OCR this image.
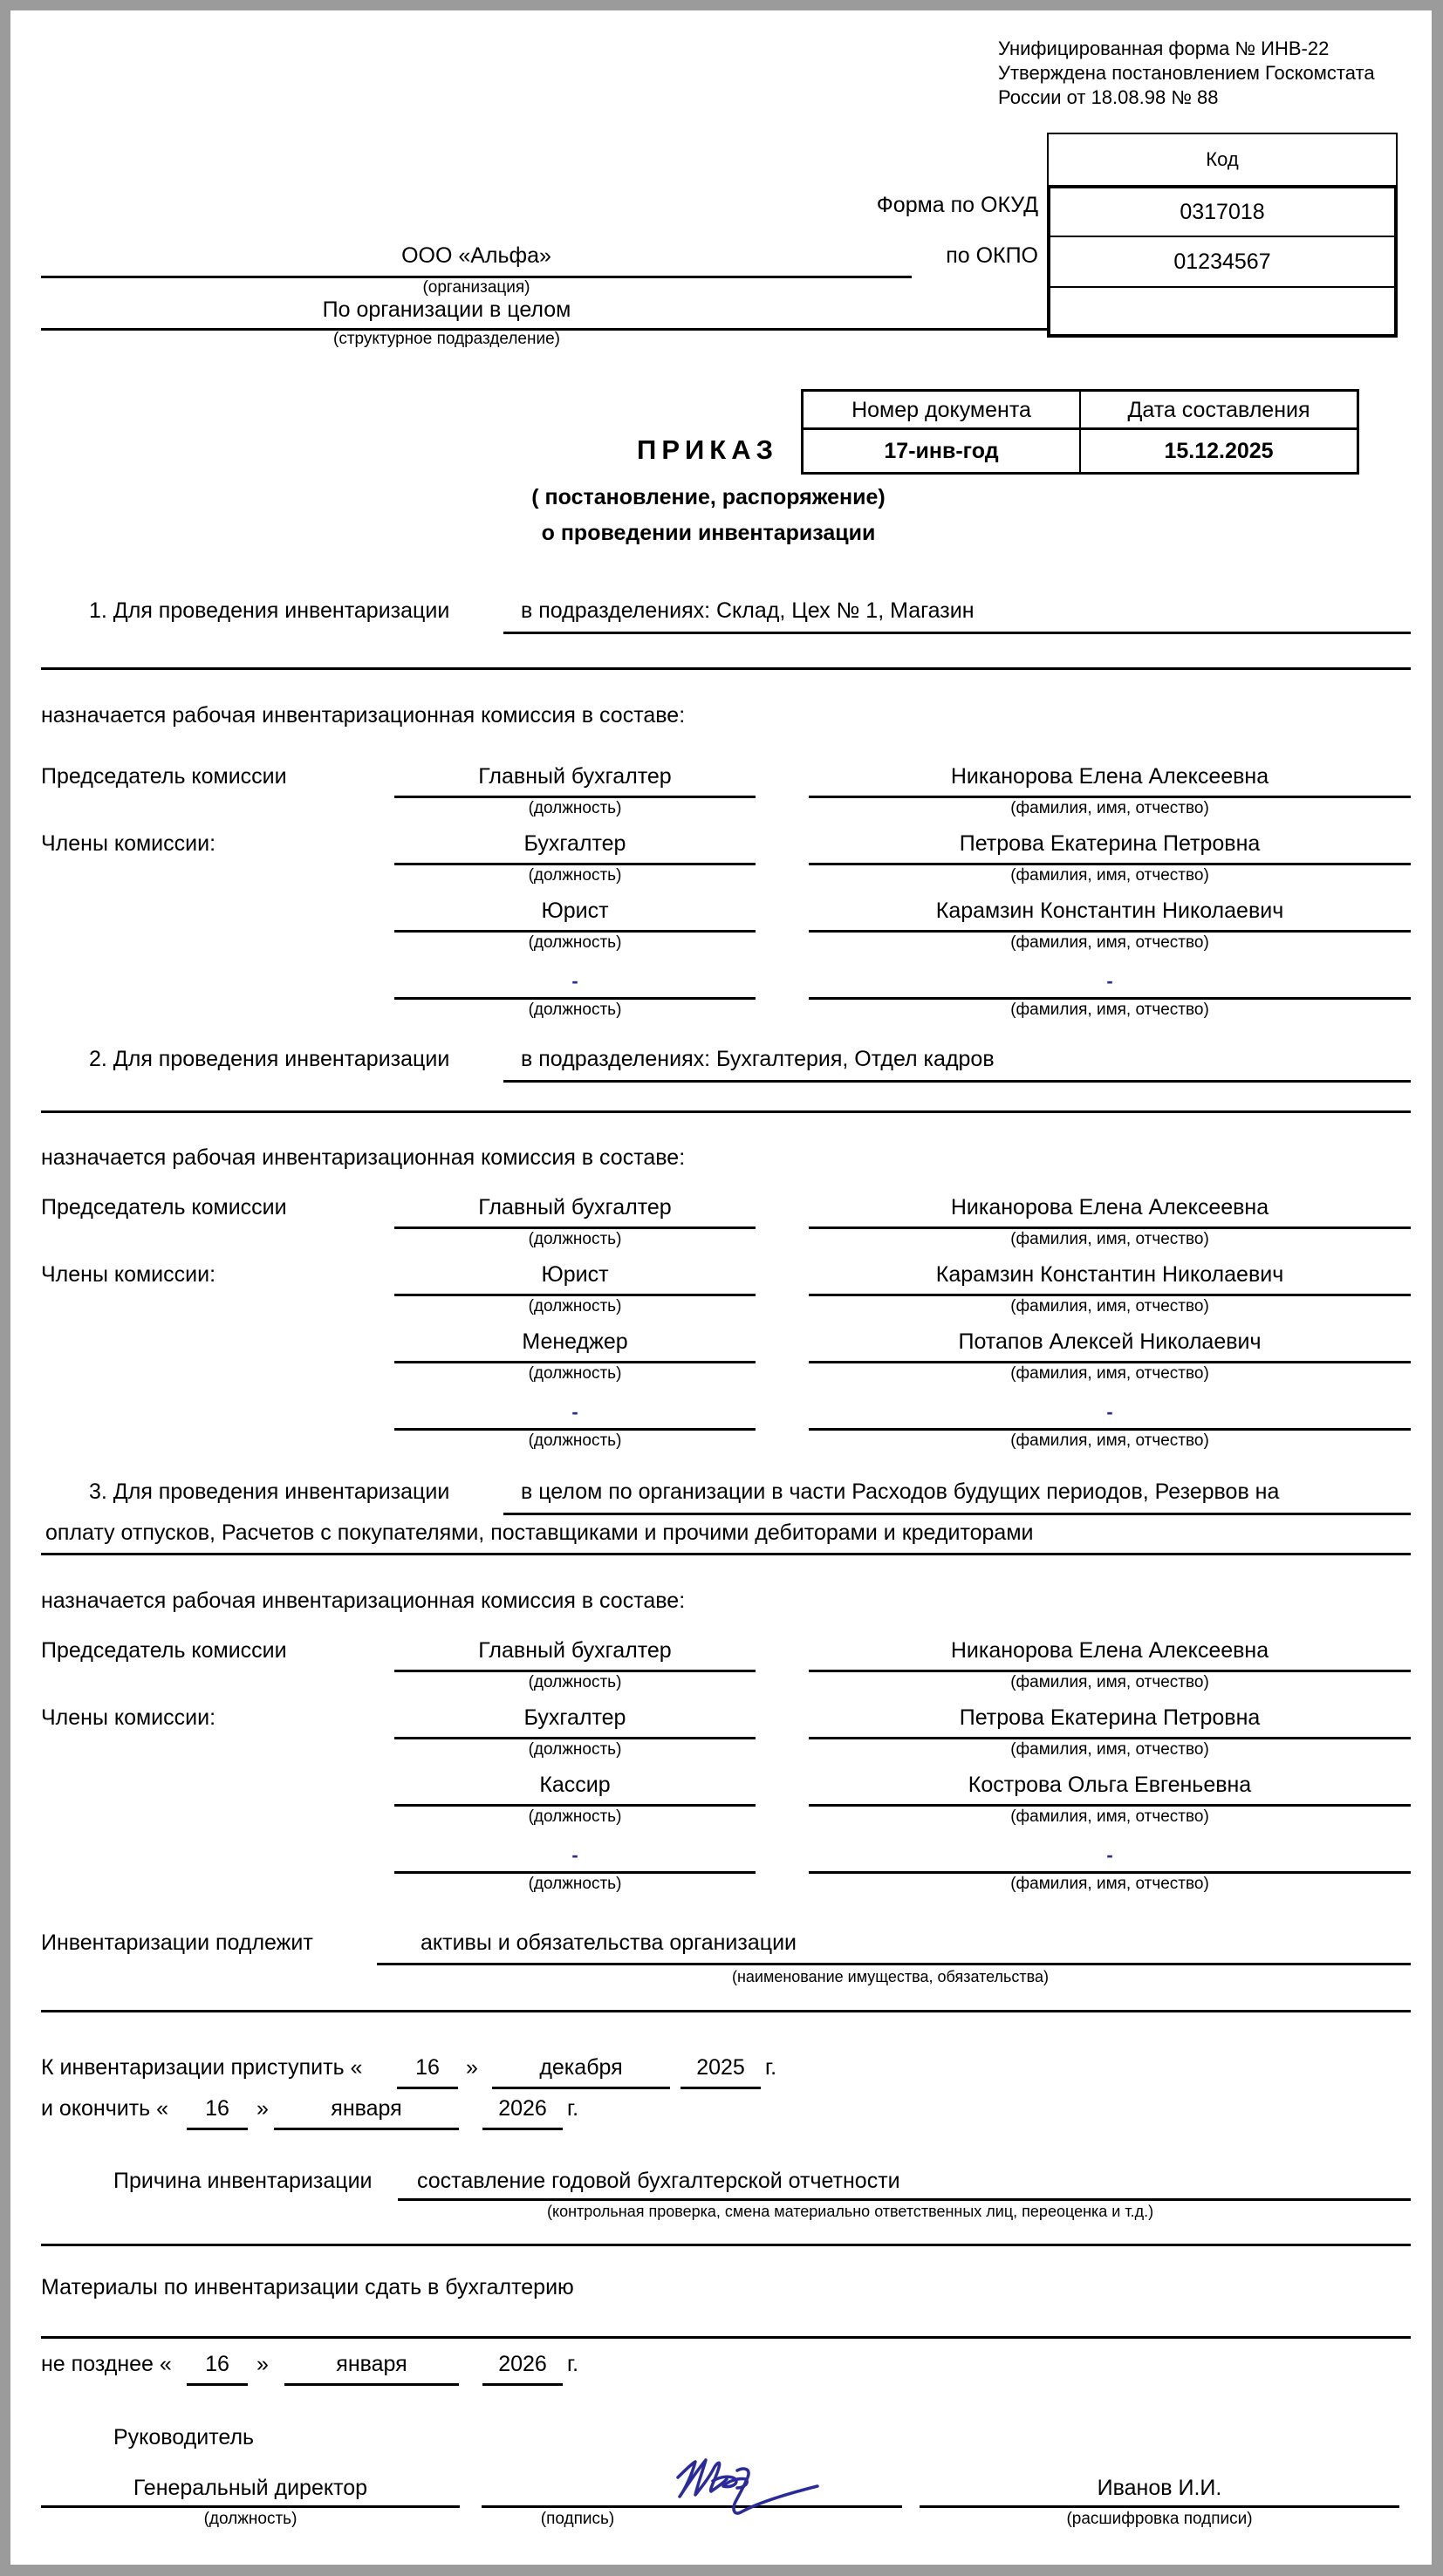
Унифицированная форма № ИНВ-22
Утверждена постановлением Госкомстата
России от 18.08.98 № 88
Код
0317018
01234567
Форма по ОКУД
по ОКПО
ООО «Альфа»
(организация)
По организации в целом
(структурное подразделение)
ПРИКАЗ
Номер документа	Дата составления
17-инв-год	15.12.2025
( постановление, распоряжение)
о проведении инвентаризации
1. Для проведения инвентаризации	в подразделениях: Склад, Цех № 1, Магазин
назначается рабочая инвентаризационная комиссия в составе:
Председатель комиссии	Главный бухгалтер	Никанорова Елена Алексеевна
(должность)	(фамилия, имя, отчество)
Члены комиссии:	Бухгалтер	Петрова Екатерина Петровна
(должность)	(фамилия, имя, отчество)
Юрист	Карамзин Константин Николаевич
(должность)	(фамилия, имя, отчество)
-	-
(должность)	(фамилия, имя, отчество)
2. Для проведения инвентаризации	в подразделениях: Бухгалтерия, Отдел кадров
назначается рабочая инвентаризационная комиссия в составе:
Председатель комиссии	Главный бухгалтер	Никанорова Елена Алексеевна
(должность)	(фамилия, имя, отчество)
Члены комиссии:	Юрист	Карамзин Константин Николаевич
(должность)	(фамилия, имя, отчество)
Менеджер	Потапов Алексей Николаевич
(должность)	(фамилия, имя, отчество)
-	-
(должность)	(фамилия, имя, отчество)
3. Для проведения инвентаризации	в целом по организации в части Расходов будущих периодов, Резервов на
оплату отпусков, Расчетов с покупателями, поставщиками и прочими дебиторами и кредиторами
назначается рабочая инвентаризационная комиссия в составе:
Председатель комиссии	Главный бухгалтер	Никанорова Елена Алексеевна
(должность)	(фамилия, имя, отчество)
Члены комиссии:	Бухгалтер	Петрова Екатерина Петровна
(должность)	(фамилия, имя, отчество)
Кассир	Кострова Ольга Евгеньевна
(должность)	(фамилия, имя, отчество)
-	-
(должность)	(фамилия, имя, отчество)
Инвентаризации подлежит	активы и обязательства организации
(наименование имущества, обязательства)
К инвентаризации приступить «	16	»	декабря	2025 г.
и окончить «	16	»	января	2026 г.
Причина инвентаризации составление годовой бухгалтерской отчетности
(контрольная проверка, смена материально ответственных лиц, переоценка и т.д.)
Материалы по инвентаризации сдать в бухгалтерию
не позднее «	16	»	января	2026 г.
Руководитель
Генеральный директор
(должность)	(подпись)
Иванов И.И.
(расшифровка подписи)
